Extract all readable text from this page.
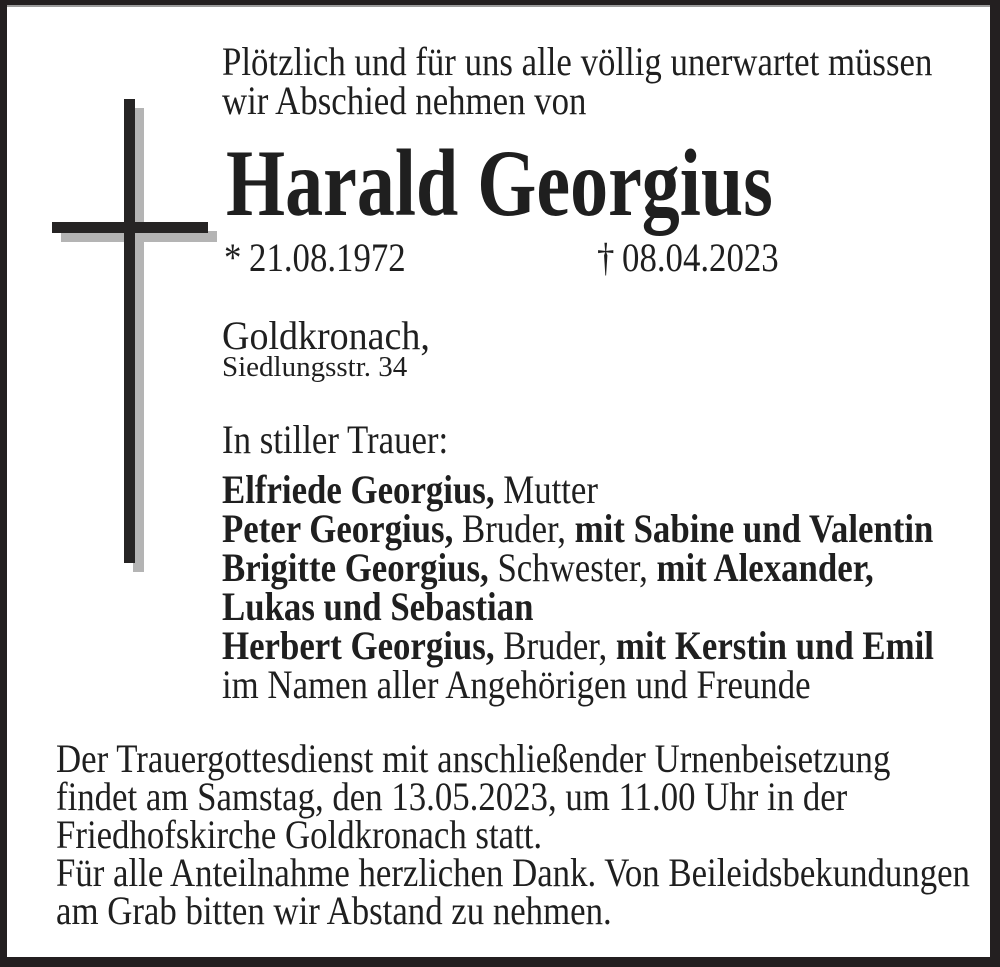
Plötzlich und für uns alle völlig unerwartet müssen
wir Abschied nehmen von
Harald Georgius
* 21.08.1972	† 08.04.2023
Goldkronach,
Siedlungsstr. 34
In stiller Trauer:
Elfriede Georgius, Mutter
Peter Georgius, Bruder, mit Sabine und Valentin
Brigitte Georgius, Schwester, mit Alexander,
Lukas und Sebastian
Herbert Georgius, Bruder, mit Kerstin und Emil
im Namen aller Angehörigen und Freunde
Der Trauergottesdienst mit anschließender Urnenbeisetzung
findet am Samstag, den 13.05.2023, um 11.00 Uhr in der
Friedhofskirche Goldkronach statt.
Für alle Anteilnahme herzlichen Dank. Von Beileidsbekundungen
am Grab bitten wir Abstand zu nehmen.
